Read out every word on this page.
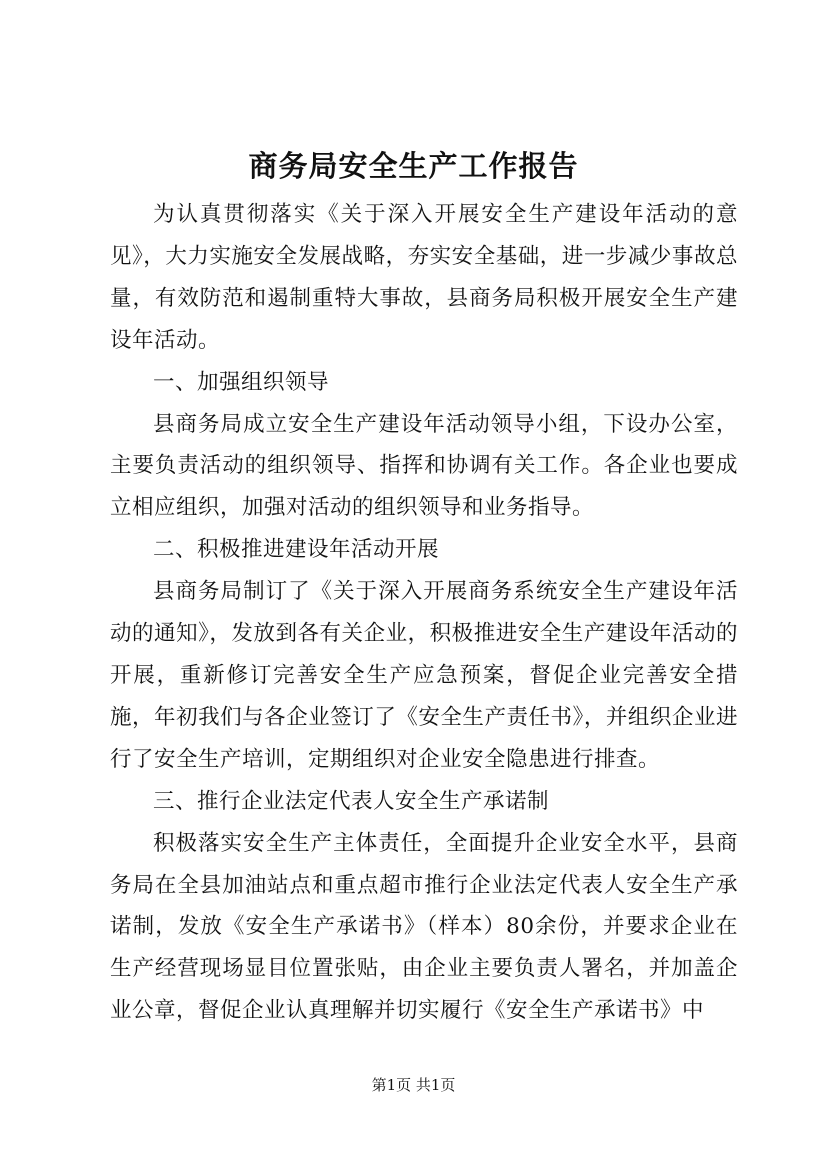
商务局安全生产工作报告

为认真贯彻落实《关于深入开展安全生产建设年活动的意见》，大力实施安全发展战略，夯实安全基础，进一步减少事故总量，有效防范和遏制重特大事故，县商务局积极开展安全生产建设年活动。

一、加强组织领导

县商务局成立安全生产建设年活动领导小组，下设办公室，主要负责活动的组织领导、指挥和协调有关工作。各企业也要成立相应组织，加强对活动的组织领导和业务指导。

二、积极推进建设年活动开展

县商务局制订了《关于深入开展商务系统安全生产建设年活动的通知》，发放到各有关企业，积极推进安全生产建设年活动的开展，重新修订完善安全生产应急预案，督促企业完善安全措施，年初我们与各企业签订了《安全生产责任书》，并组织企业进行了安全生产培训，定期组织对企业安全隐患进行排查。

三、推行企业法定代表人安全生产承诺制

积极落实安全生产主体责任，全面提升企业安全水平，县商务局在全县加油站点和重点超市推行企业法定代表人安全生产承诺制，发放《安全生产承诺书》（样本）80余份，并要求企业在生产经营现场显目位置张贴，由企业主要负责人署名，并加盖企业公章，督促企业认真理解并切实履行《安全生产承诺书》中

第1页 共1页
